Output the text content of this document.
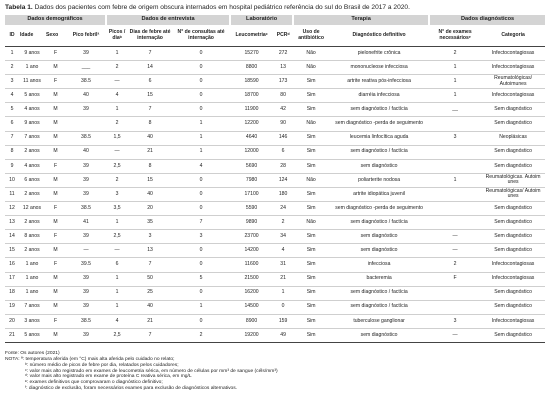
Tabela 1. Dados dos pacientes com febre de origem obscura internados em hospital pediátrico referência do sul do Brasil de 2017 a 2020.
Dados demográficos				Dados de entrevista			Laboratório		Terapia		Dados diagnósticos	
ID	Idade	Sexo	Pico febrilª	Picos / diaᵇ	Dias de febre até internação	N° de consultas até internação	Leucometriaᶜ	PCRᵈ	Uso de antibiótico	Diagnóstico definitivo	N° de exames necessáriosᵉ	Categoria
1	9 anos	F	39	1	7	0	15270	272	Não	pielonefrite crônica	2	Infectocontagiosas
2	1 ano	M	___	2	14	0	8800	13	Não	mononucleose infecciosa	1	Infectocontagiosas
3	11 anos	F	38.5	—	6	0	18590	173	Sim	artrite reativa pós-infecciosa	1	Reumatológicas/ Autoimunes
4	5 anos	M	40	4	15	0	18700	80	Sim	diarréia infecciosa	1	Infectocontagiosas
5	4 anos	M	39	1	7	0	11900	42	Sim	sem diagnóstico / factícia	__	Sem diagnóstico
6	9 anos	M		2	8	1	12200	90	Não	sem diagnóstico -perda de seguimento		Sem diagnóstico
7	7 anos	M	38.5	1,5	40	1	4640	146	Sim	leucemia linfocítica aguda	3	Neoplásicas
8	2 anos	M	40	—	21	1	12000	6	Sim	sem diagnóstico / factícia		Sem diagnóstico
9	4 anos	F	39	2,5	8	4	5690	28	Sim	sem diagnóstico		Sem diagnóstico
10	6 anos	M	39	2	15	0	7980	124	Não	poliarterite nodosa	1	Reumatológicas. Autoim unes
11	2 anos	M	39	3	40	0	17100	180	Sim	artrite idiopática juvenil		Reumatológicas/ Autoim unes
12	12 anos	F	38.5	3,5	20	0	5590	24	Sim	sem diagnóstico -perda de seguimento		Sem diagnóstico
13	2 anos	M	41	1	35	7	9890	2	Não	sem diagnóstico / factícia		Sem diagnóstico
14	8 anos	F	39	2,5	3	3	23700	34	Sim	sem diagnóstico	—	Sem diagnóstico
15	2 anos	M	—	—	13	0	14200	4	Sim	sem diagnóstico	—	Sem diagnóstico
16	1 ano	F	39.5	6	7	0	11600	31	Sim	infecciosa	2	Infectocontagiosas
17	1 ano	M	39	1	50	5	21500	21	Sim	bacteremia	F	Infectocontagiosas
18	1 ano	M	39	1	25	0	16200	1	Sim	sem diagnóstico / factícia		Sem diagnóstico
19	7 anos	M	39	1	40	1	14500	0	Sim	sem diagnóstico / factícia		Sem diagnóstico
20	3 anos	F	38.5	4	21	0	8900	159	Sim	tuberculose ganglionar	3	Infectocontagiosas
21	5 anos	M	39	2,5	7	2	19200	49	Sim	sem diagnóstico	—	Sem diagnóstico
Fonte: Os autores (2021)
NOTA: ª: temperatura aferida (em °C) mais alta aferida pelo cuidado no relato;
ᵇ: número médio de picos de febre por dia, relatados pelos cuidadores;
ᶜ: valor mais alto registrado em exames de leucometria sérica, em número de células por mm³ de sangue (céls/mm³)
ᵈ: valor mais alto registrado em exame de proteína C reativa sérica, em mg/L
ᵉ: exames definitivos que comprovaram o diagnóstico definitivo;
ᶠ: diagnóstico de exclusão, foram necessários exames para exclusão de diagnósticos alternativos.
